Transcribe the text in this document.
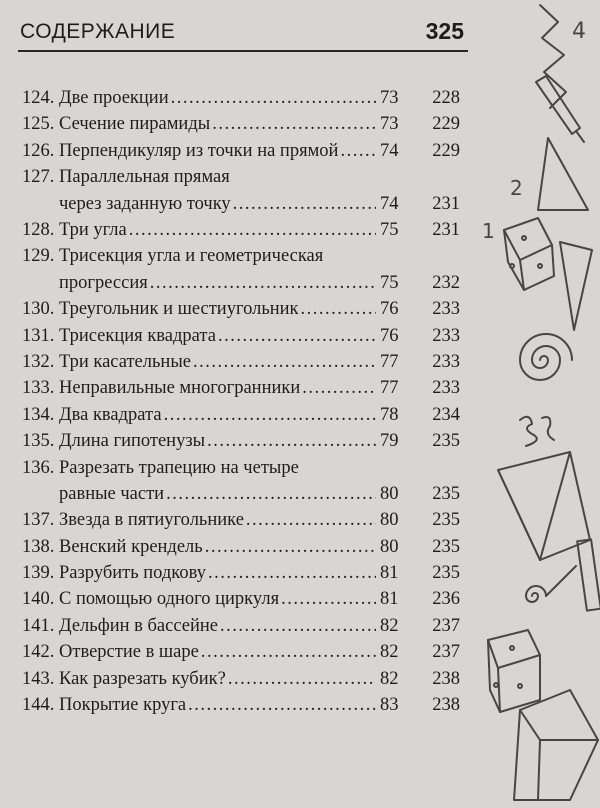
СОДЕРЖАНИЕ	325
124. Две проекции .....	73	228
125. Сечение пирамиды .....	73	229
126. Перпендикуляр из точки на прямой ..... 74	229
127. Параллельная прямая
через заданную точку .....	74	231
128. Три угла .....	75	231
129. Трисекция угла и геометрическая
прогрессия .....	75	232
130. Треугольник и шестиугольник .....	76	233
131. Трисекция квадрата .....	76	233
132. Три касательные .....	77	233
133. Неправильные многогранники .....	77	233
134. Два квадрата .....	78	234
135. Длина гипотенузы .....	79	235
136. Разрезать трапецию на четыре
равные части .....	80	235
137. Звезда в пятиугольнике .....	80	235
138. Венский крендель .....	80	235
139. Разрубить подкову .....	81	235
140. С помощью одного циркуля .....	81	236
141. Дельфин в бассейне .....	82	237
142. Отверстие в шаре .....	82	237
143. Как разрезать кубик? .....	82	238
144. Покрытие круга .....	83	238
4
2
1
